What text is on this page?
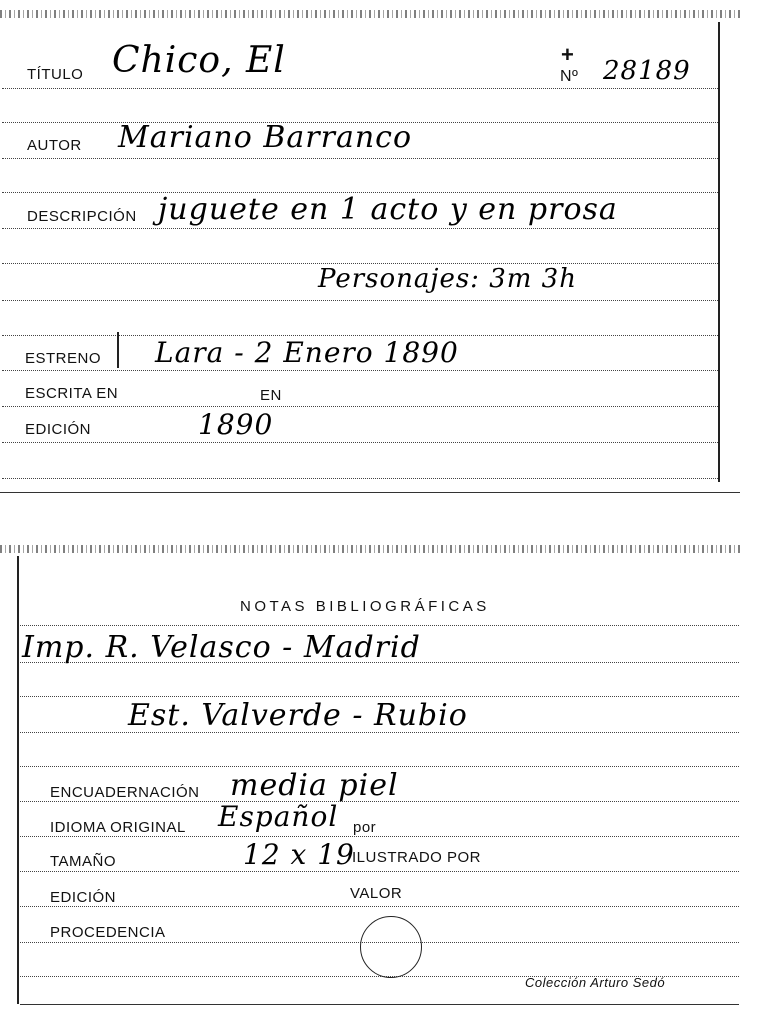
TÍTULO Chico, El	+
Nº 28189
AUTOR Mariano Barranco
DESCRIPCIÓN juguete en 1 acto y en prosa
Personajes: 3m 3h
ESTRENO Lara - 2 Enero 1890
ESCRITA EN	EN
EDICIÓN	1890
NOTAS BIBLIOGRÁFICAS
Imp. R. Velasco - Madrid
Est. Valverde - Rubio
ENCUADERNACIÓN media piel
IDIOMA ORIGINAL Español por
TAMAÑO	12 x 19
ILUSTRADO POR
EDICIÓN	VALOR
PROCEDENCIA
Colección Arturo Sedó
